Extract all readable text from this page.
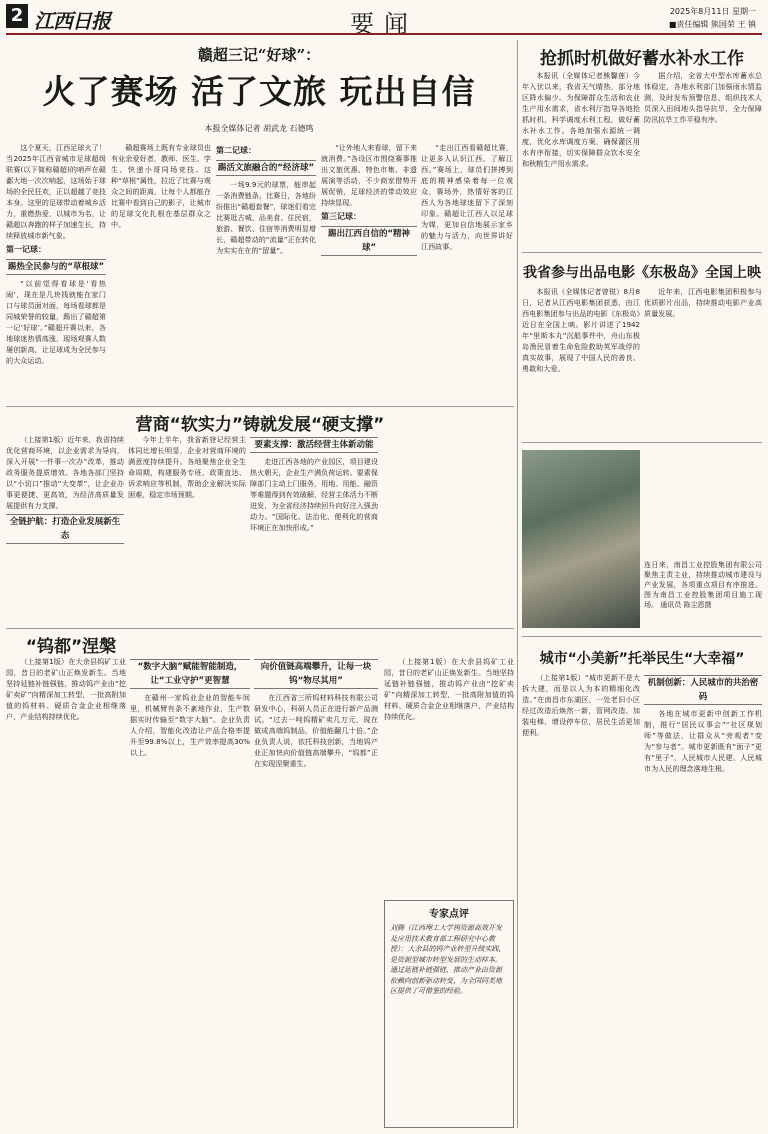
2 江西日报	要闻	2025年8月11日 星期一
■责任编辑 熊国荣 王 镇
赣超三记“好球”：
火了赛场 活了文旅 玩出自信
本报全媒体记者 胡武龙 石德鸣

这个夏天，江西足球火了！当2025年江西省城市足球超级联赛(以下简称赣超)的哨声在赣鄱大地一次次响起，这场始于球场的全民狂欢，正以超越了竞技本身。这里的足球带动着城乡活力，重燃热爱，以城市为名，让赣超以奔跑的样子加速生长，持续释放城市新气象。

第一记球：
踢热全民参与的“草根球”

“以前觉得看球是‘看热闹’，现在是几块钱就能在家门口与球员面对面，每场看球都是同城荣誉的较量，踢出了赣超第一记‘好球’。”赣超开赛以来，各地球迷热情高涨，现场观赛人数屡创新高，让足球成为全民参与的大众运动。

赣超赛场上既有专业球员也有业余爱好者，教师、医生、学生、快递小哥同场竞技。这种“草根”属性，拉近了比赛与观众之间的距离，让每个人都能在比赛中看到自己的影子，让城市的足球文化扎根在基层群众之中。

第二记球：
踢活文旅融合的“经济球”

一场9.9元的球票，能串起一条消费链条。比赛日，各地纷纷推出“赣超套餐”，球迷们看完比赛逛古城、品美食、住民宿，旅游、餐饮、住宿等消费明显增长，赣超带动的“流量”正在转化为实实在在的“留量”。

“让外地人来看球，留下来就消费。”各设区市围绕赛事推出文旅优惠、特色市集、非遗展演等活动，不少商家借势开展促销，足球经济的带动效应持续显现。

第三记球：
踢出江西自信的“精神球”

“走出江西看赣超比赛，让更多人认识江西、了解江西。”赛场上，球员们拼搏到底的精神感染着每一位观众，赛场外，热情好客的江西人为各地球迷留下了深刻印象。赣超让江西人以足球为媒，更加自信地展示家乡的魅力与活力，向世界讲好江西故事。

营商“软实力”铸就发展“硬支撑”

（上接第1版）近年来，我省持续优化营商环境，以企业需求为导向，深入开展“一件事一次办”改革，推动政务服务提质增效。各地各部门坚持以“小切口”推动“大变革”，让企业办事更便捷、更高效，为经济高质量发展提供有力支撑。

全链护航：打造企业发展新生态

今年上半年，我省新登记经营主体同比增长明显，企业对营商环境的满意度持续提升。各地聚焦企业全生命周期，构建服务专班、政策直达、诉求响应等机制，帮助企业解决实际困难，稳定市场预期。

要素支撑：激活经营主体新动能

走进江西各地的产业园区，项目建设热火朝天，企业生产满负荷运转。要素保障部门主动上门服务，用地、用能、融资等难题得到有效破解，经营主体活力不断迸发，为全省经济持续回升向好注入强劲动力。“国际化、法治化、便利化的营商环境正在加快形成。”

“钨都”涅槃

（上接第1版）在大余县钨矿工业园，昔日的老矿山正焕发新生。当地坚持延链补链强链，推动钨产业由“挖矿卖矿”向精深加工转型，一批高附加值的钨材料、硬质合金企业相继落户，产业结构持续优化。

“数字大脑”赋能智能制造，让“工业守护”更智慧

在赣州一家钨业企业的智能车间里，机械臂有条不紊地作业，生产数据实时传输至“数字大脑”。企业负责人介绍，智能化改造让产品合格率提升至99.8%以上，生产效率提高30%以上。

向价值链高端攀升，让每一块钨“物尽其用”

在江西省三所钨材料科技有限公司研发中心，科研人员正在进行新产品测试。“过去一吨钨精矿卖几万元，现在做成高端钨制品，价值能翻几十倍。”企业负责人说，依托科技创新，当地钨产业正加快向价值链高端攀升，“钨都”正在实现涅槃重生。

专家点评
刘腾（江西理工大学钨资源高效开发及应用技术教育部工程研究中心教授）：大余县的钨产业转型升级实践，是资源型城市转型发展的生动样本。通过延链补链强链，推动产业由资源依赖向创新驱动转变，为全国同类地区提供了可借鉴的经验。

（上接第1版）在大余县钨矿工业园，昔日的老矿山正焕发新生。当地坚持延链补链强链，推动钨产业由“挖矿卖矿”向精深加工转型，一批高附加值的钨材料、硬质合金企业相继落户，产业结构持续优化。

抢抓时机做好蓄水补水工作

本报讯（全媒体记者熊馨莲）今年入伏以来，我省天气晴热，部分地区降水偏少。为保障群众生活和农业生产用水需求，省水利厅指导各地抢抓时机，科学调度水利工程，做好蓄水补水工作。各地加强水源统一调度，优化水库调度方案，确保灌区用水有序衔接，切实保障群众饮水安全和秋粮生产用水需求。

据介绍，全省大中型水库蓄水总体稳定，各地水利部门加强雨水情监测，及时发布预警信息，组织技术人员深入田间地头指导抗旱，全力保障防汛抗旱工作平稳有序。

我省参与出品电影《东极岛》全国上映

本报讯（全媒体记者曾锐）8月8日，记者从江西电影集团获悉，由江西电影集团参与出品的电影《东极岛》近日在全国上映。影片讲述了1942年“里斯本丸”沉船事件中，舟山东极岛渔民冒着生命危险救助英军战俘的真实故事，展现了中国人民的善良、勇敢和大爱。

近年来，江西电影集团积极参与优质影片出品，持续推动电影产业高质量发展。

连日来，南昌工业控股集团有限公司聚焦主责主业，持续推动城市建设与产业发展，各项重点项目有序推进。图为南昌工业控股集团项目施工现场。 通讯员 陈尘恩摄
城市“小美新”托举民生“大幸福”

（上接第1版）“城市更新不是大拆大建，而是以人为本的精细化改造。”在南昌市东湖区，一处老旧小区经过改造后焕然一新，管网改造、加装电梯、增设停车位，居民生活更加便利。

机制创新：人民城市的共治密码

各地在城市更新中创新工作机制，推行“居民议事会”“社区规划师”等做法，让群众从“旁观者”变为“参与者”。城市更新既有“面子”更有“里子”，人民城市人民建、人民城市为人民的理念落地生根。
